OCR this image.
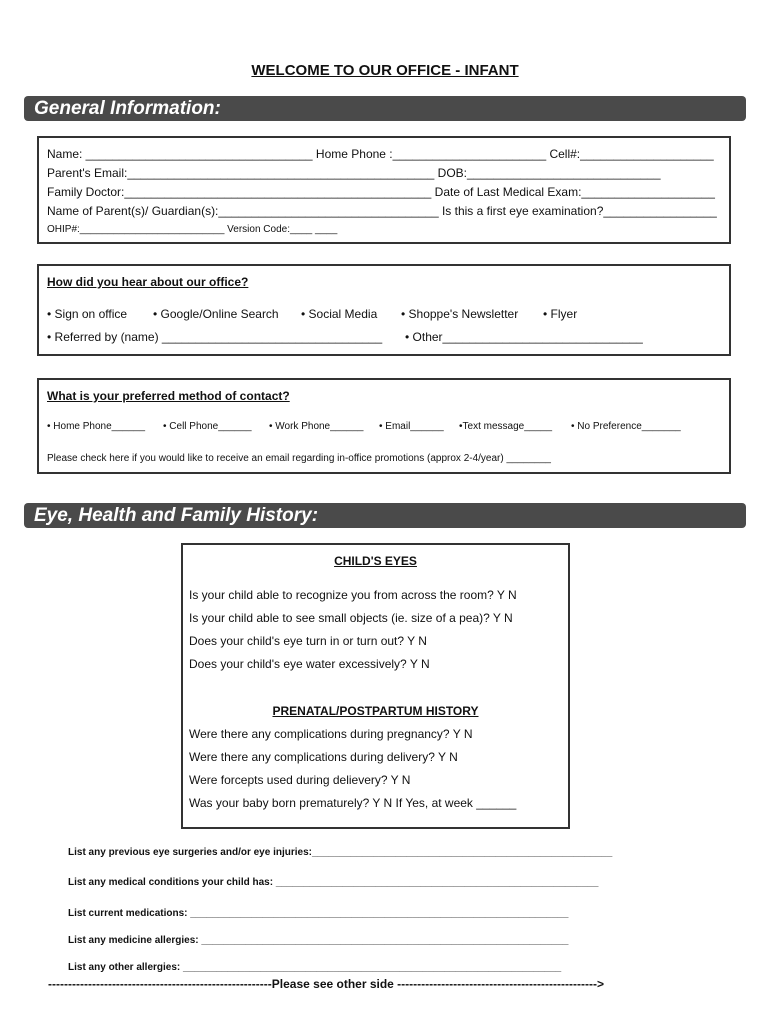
WELCOME TO OUR OFFICE - INFANT
General Information:
Name: __________________________________ Home Phone :_______________________ Cell#:____________________
Parent's Email:______________________________________________ DOB:_____________________________
Family Doctor:______________________________________________ Date of Last Medical Exam:____________________
Name of Parent(s)/ Guardian(s):_________________________________ Is this a first eye examination?_________________
OHIP#:__________________________ Version Code:____ ____
How did you hear about our office?
• Sign on office • Google/Online Search • Social Media • Shoppe's Newsletter • Flyer
• Referred by (name) _________________________________ • Other______________________________
What is your preferred method of contact?
• Home Phone______ • Cell Phone______ • Work Phone______ • Email______ •Text message_____ • No Preference_______
Please check here if you would like to receive an email regarding in-office promotions (approx 2-4/year) ________
Eye, Health and Family History:
CHILD'S EYES
Is your child able to recognize you from across the room? Y N
Is your child able to see small objects (ie. size of a pea)? Y N
Does your child's eye turn in or turn out? Y N
Does your child's eye water excessively? Y N
PRENATAL/POSTPARTUM HISTORY
Were there any complications during pregnancy? Y N
Were there any complications during delivery? Y N
Were forcepts used during delievery? Y N
Was your baby born prematurely? Y N If Yes, at week ______
List any previous eye surgeries and/or eye injuries:______________________________________________________
List any medical conditions your child has: __________________________________________________________
List current medications: ____________________________________________________________________
List any medicine allergies: __________________________________________________________________
List any other allergies: ____________________________________________________________________
--------------------------------------------------------Please see other side -------------------------------------------------->
